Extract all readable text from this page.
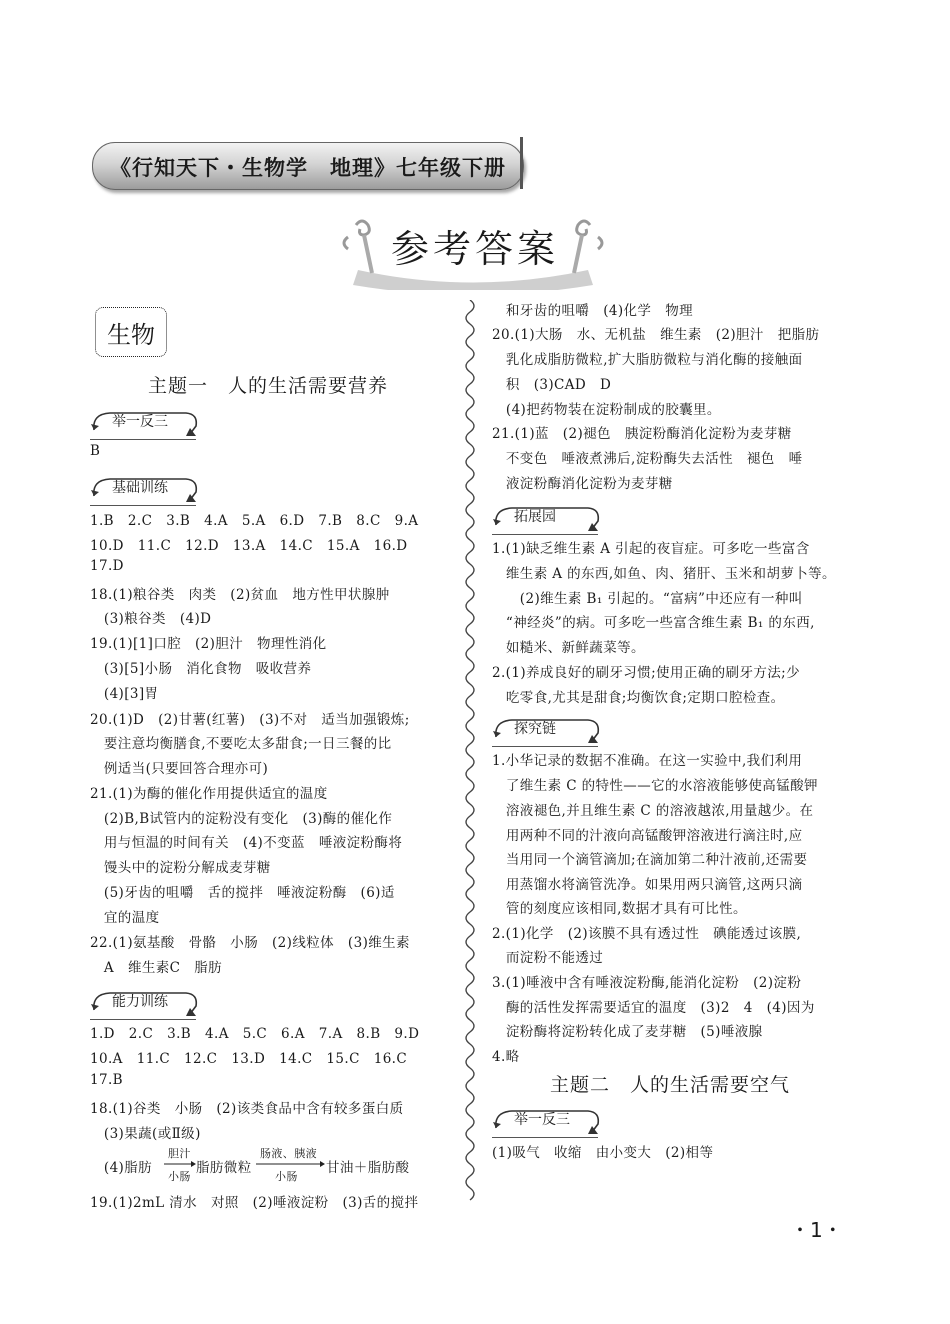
《行知天下・生物学　地理》七年级下册
参考答案
生物
主题一　人的生活需要营养
举一反三
B
基础训练
1.B　2.C　3.B　4.A　5.A　6.D　7.B　8.C　9.A
10.D　11.C　12.D　13.A　14.C　15.A　16.D
17.D
18.(1)粮谷类　肉类　(2)贫血　地方性甲状腺肿
　(3)粮谷类　(4)D
19.(1)[1]口腔　(2)胆汁　物理性消化
　(3)[5]小肠　消化食物　吸收营养
　(4)[3]胃
20.(1)D　(2)甘薯(红薯)　(3)不对　适当加强锻炼;
　要注意均衡膳食,不要吃太多甜食;一日三餐的比
　例适当(只要回答合理亦可)
21.(1)为酶的催化作用提供适宜的温度
　(2)B,B试管内的淀粉没有变化　(3)酶的催化作
　用与恒温的时间有关　(4)不变蓝　唾液淀粉酶将
　馒头中的淀粉分解成麦芽糖
　(5)牙齿的咀嚼　舌的搅拌　唾液淀粉酶　(6)适
　宜的温度
22.(1)氨基酸　骨骼　小肠　(2)线粒体　(3)维生素
　A　维生素C　脂肪
能力训练
1.D　2.C　3.B　4.A　5.C　6.A　7.A　8.B　9.D
10.A　11.C　12.C　13.D　14.C　15.C　16.C
17.B
18.(1)谷类　小肠　(2)该类食品中含有较多蛋白质
　(3)果蔬(或Ⅱ级)
　(4)脂肪
胆汁
小肠
脂肪微粒
肠液、胰液
小肠
甘油＋脂肪酸
19.(1)2mL 清水　对照　(2)唾液淀粉　(3)舌的搅拌
　和牙齿的咀嚼　(4)化学　物理
20.(1)大肠　水、无机盐　维生素　(2)胆汁　把脂肪
　乳化成脂肪微粒,扩大脂肪微粒与消化酶的接触面
　积　(3)CAD　D
　(4)把药物装在淀粉制成的胶囊里。
21.(1)蓝　(2)褪色　胰淀粉酶消化淀粉为麦芽糖
　不变色　唾液煮沸后,淀粉酶失去活性　褪色　唾
　液淀粉酶消化淀粉为麦芽糖
拓展园
1.(1)缺乏维生素 A 引起的夜盲症。可多吃一些富含
　维生素 A 的东西,如鱼、肉、猪肝、玉米和胡萝卜等。
　　(2)维生素 B₁ 引起的。“富病”中还应有一种叫
　“神经炎”的病。可多吃一些富含维生素 B₁ 的东西,
　如糙米、新鲜蔬菜等。
2.(1)养成良好的刷牙习惯;使用正确的刷牙方法;少
　吃零食,尤其是甜食;均衡饮食;定期口腔检查。
探究链
1.小华记录的数据不准确。在这一实验中,我们利用
　了维生素 C 的特性——它的水溶液能够使高锰酸钾
　溶液褪色,并且维生素 C 的溶液越浓,用量越少。在
　用两种不同的汁液向高锰酸钾溶液进行滴注时,应
　当用同一个滴管滴加;在滴加第二种汁液前,还需要
　用蒸馏水将滴管洗净。如果用两只滴管,这两只滴
　管的刻度应该相同,数据才具有可比性。
2.(1)化学　(2)该膜不具有透过性　碘能透过该膜,
　而淀粉不能透过
3.(1)唾液中含有唾液淀粉酶,能消化淀粉　(2)淀粉
　酶的活性发挥需要适宜的温度　(3)2　4　(4)因为
　淀粉酶将淀粉转化成了麦芽糖　(5)唾液腺
4.略
主题二　人的生活需要空气
举一反三
(1)吸气　收缩　由小变大　(2)相等
・1・
